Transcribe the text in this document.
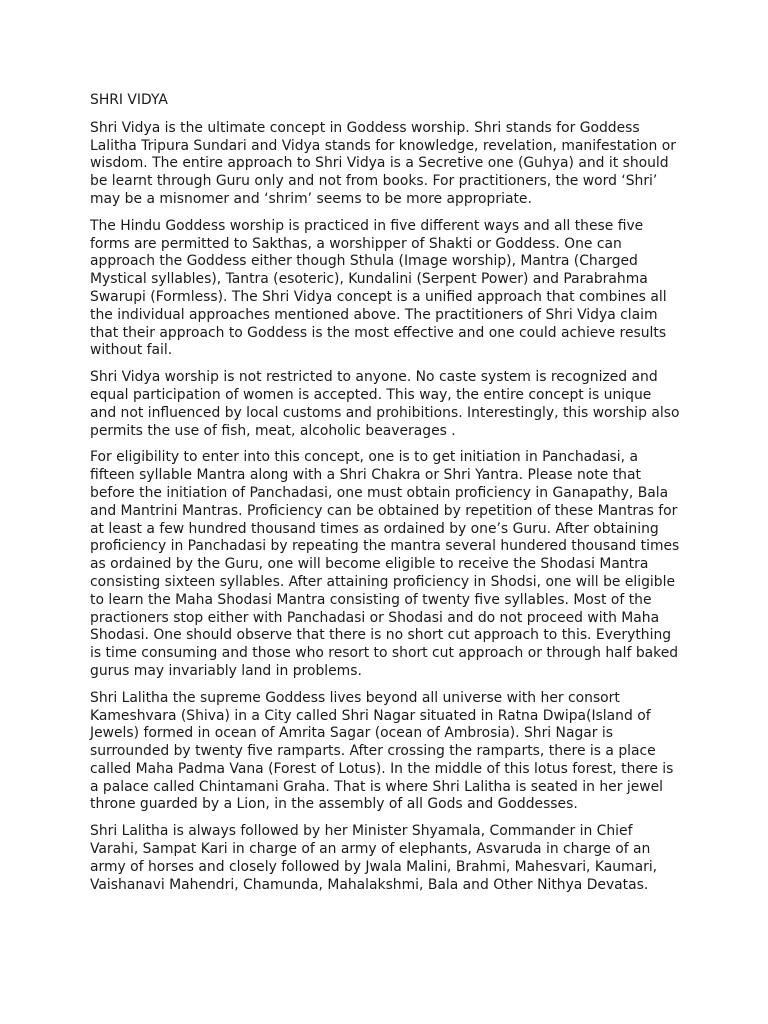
SHRI VIDYA

Shri Vidya is the ultimate concept in Goddess worship. Shri stands for Goddess
Lalitha Tripura Sundari and Vidya stands for knowledge, revelation, manifestation or
wisdom. The entire approach to Shri Vidya is a Secretive one (Guhya) and it should
be learnt through Guru only and not from books. For practitioners, the word ‘Shri’
may be a misnomer and ‘shrim’ seems to be more appropriate.

The Hindu Goddess worship is practiced in five different ways and all these five
forms are permitted to Sakthas, a worshipper of Shakti or Goddess. One can
approach the Goddess either though Sthula (Image worship), Mantra (Charged
Mystical syllables), Tantra (esoteric), Kundalini (Serpent Power) and Parabrahma
Swarupi (Formless). The Shri Vidya concept is a unified approach that combines all
the individual approaches mentioned above. The practitioners of Shri Vidya claim
that their approach to Goddess is the most effective and one could achieve results
without fail.

Shri Vidya worship is not restricted to anyone. No caste system is recognized and
equal participation of women is accepted. This way, the entire concept is unique
and not influenced by local customs and prohibitions. Interestingly, this worship also
permits the use of fish, meat, alcoholic beaverages .

For eligibility to enter into this concept, one is to get initiation in Panchadasi, a
fifteen syllable Mantra along with a Shri Chakra or Shri Yantra. Please note that
before the initiation of Panchadasi, one must obtain proficiency in Ganapathy, Bala
and Mantrini Mantras. Proficiency can be obtained by repetition of these Mantras for
at least a few hundred thousand times as ordained by one’s Guru. After obtaining
proficiency in Panchadasi by repeating the mantra several hundered thousand times
as ordained by the Guru, one will become eligible to receive the Shodasi Mantra
consisting sixteen syllables. After attaining proficiency in Shodsi, one will be eligible
to learn the Maha Shodasi Mantra consisting of twenty five syllables. Most of the
practioners stop either with Panchadasi or Shodasi and do not proceed with Maha
Shodasi. One should observe that there is no short cut approach to this. Everything
is time consuming and those who resort to short cut approach or through half baked
gurus may invariably land in problems.

Shri Lalitha the supreme Goddess lives beyond all universe with her consort
Kameshvara (Shiva) in a City called Shri Nagar situated in Ratna Dwipa(Island of
Jewels) formed in ocean of Amrita Sagar (ocean of Ambrosia). Shri Nagar is
surrounded by twenty five ramparts. After crossing the ramparts, there is a place
called Maha Padma Vana (Forest of Lotus). In the middle of this lotus forest, there is
a palace called Chintamani Graha. That is where Shri Lalitha is seated in her jewel
throne guarded by a Lion, in the assembly of all Gods and Goddesses.

Shri Lalitha is always followed by her Minister Shyamala, Commander in Chief
Varahi, Sampat Kari in charge of an army of elephants, Asvaruda in charge of an
army of horses and closely followed by Jwala Malini, Brahmi, Mahesvari, Kaumari,
Vaishanavi Mahendri, Chamunda, Mahalakshmi, Bala and Other Nithya Devatas.
